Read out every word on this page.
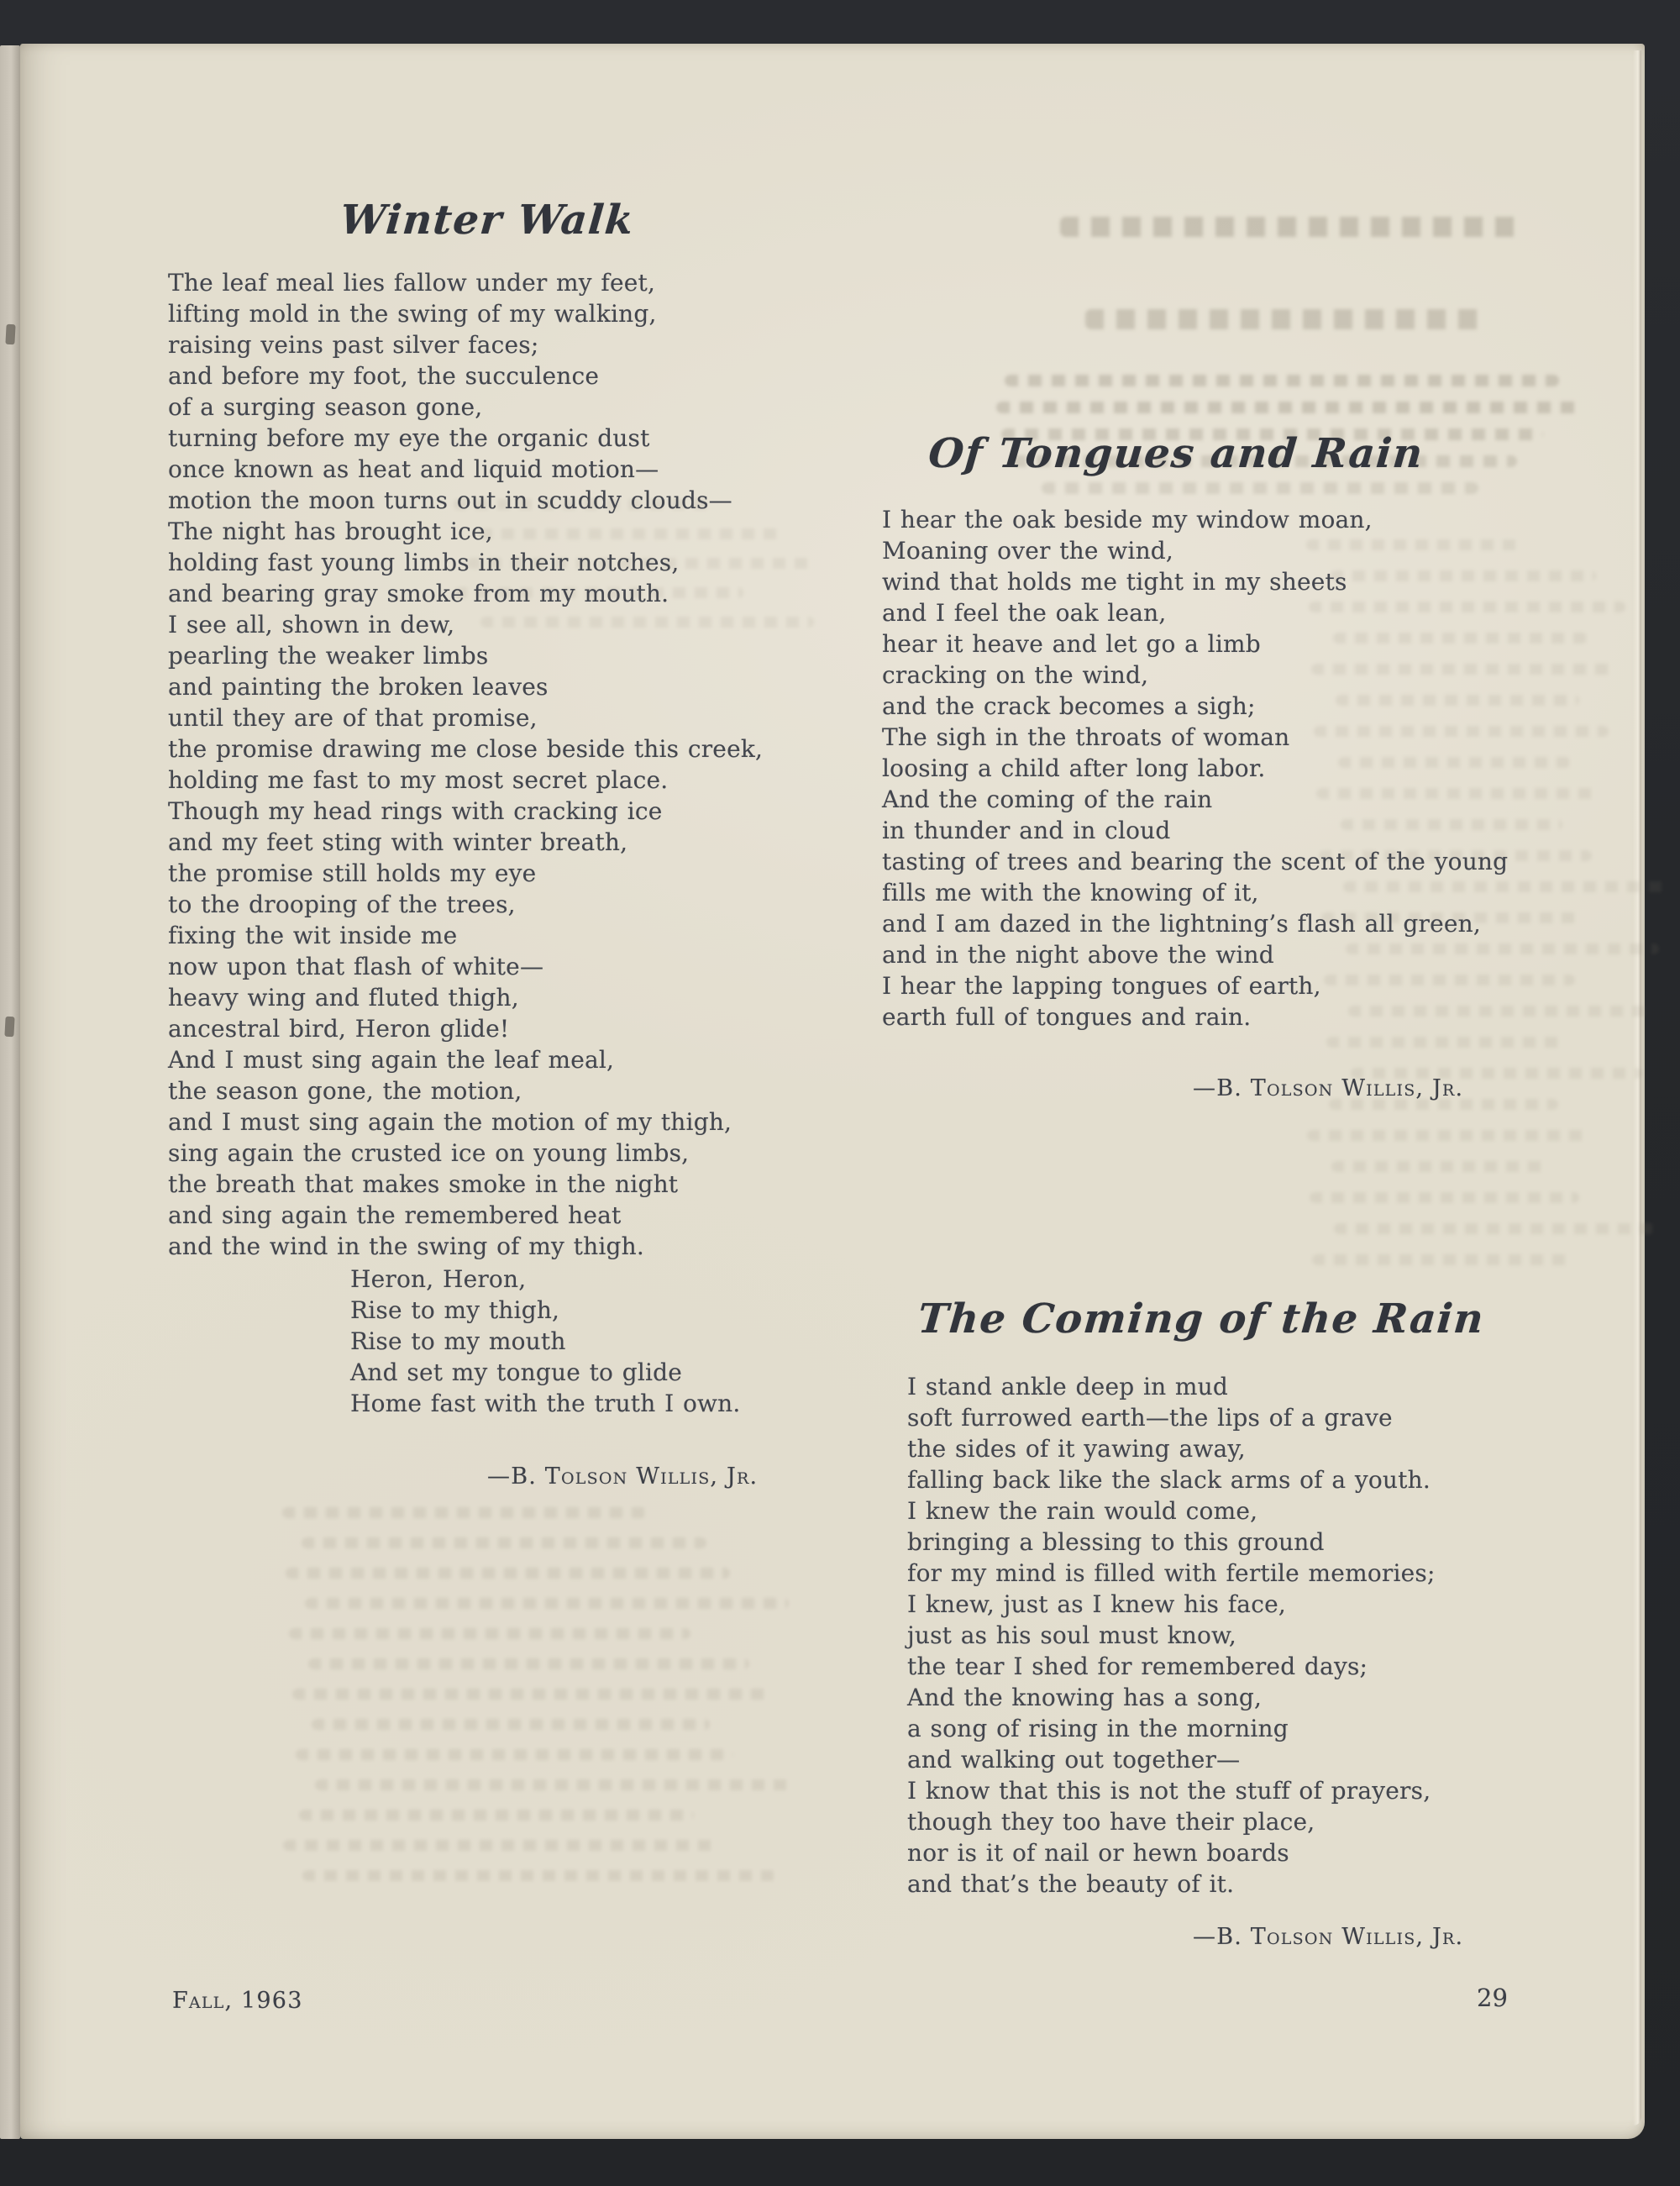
Winter Walk
The leaf meal lies fallow under my feet,
lifting mold in the swing of my walking,
raising veins past silver faces;
and before my foot, the succulence
of a surging season gone,
turning before my eye the organic dust
once known as heat and liquid motion—
motion the moon turns out in scuddy clouds—
The night has brought ice,
holding fast young limbs in their notches,
and bearing gray smoke from my mouth.
I see all, shown in dew,
pearling the weaker limbs
and painting the broken leaves
until they are of that promise,
the promise drawing me close beside this creek,
holding me fast to my most secret place.
Though my head rings with cracking ice
and my feet sting with winter breath,
the promise still holds my eye
to the drooping of the trees,
fixing the wit inside me
now upon that flash of white—
heavy wing and fluted thigh,
ancestral bird, Heron glide!
And I must sing again the leaf meal,
the season gone, the motion,
and I must sing again the motion of my thigh,
sing again the crusted ice on young limbs,
the breath that makes smoke in the night
and sing again the remembered heat
and the wind in the swing of my thigh.
Heron, Heron,
Rise to my thigh,
Rise to my mouth
And set my tongue to glide
Home fast with the truth I own.
—B. Tolson Willis, Jr.
Of Tongues and Rain
I hear the oak beside my window moan,
Moaning over the wind,
wind that holds me tight in my sheets
and I feel the oak lean,
hear it heave and let go a limb
cracking on the wind,
and the crack becomes a sigh;
The sigh in the throats of woman
loosing a child after long labor.
And the coming of the rain
in thunder and in cloud
tasting of trees and bearing the scent of the young
fills me with the knowing of it,
and I am dazed in the lightning’s flash all green,
and in the night above the wind
I hear the lapping tongues of earth,
earth full of tongues and rain.
—B. Tolson Willis, Jr.
The Coming of the Rain
I stand ankle deep in mud
soft furrowed earth—the lips of a grave
the sides of it yawing away,
falling back like the slack arms of a youth.
I knew the rain would come,
bringing a blessing to this ground
for my mind is filled with fertile memories;
I knew, just as I knew his face,
just as his soul must know,
the tear I shed for remembered days;
And the knowing has a song,
a song of rising in the morning
and walking out together—
I know that this is not the stuff of prayers,
though they too have their place,
nor is it of nail or hewn boards
and that’s the beauty of it.
—B. Tolson Willis, Jr.
Fall, 1963	29
